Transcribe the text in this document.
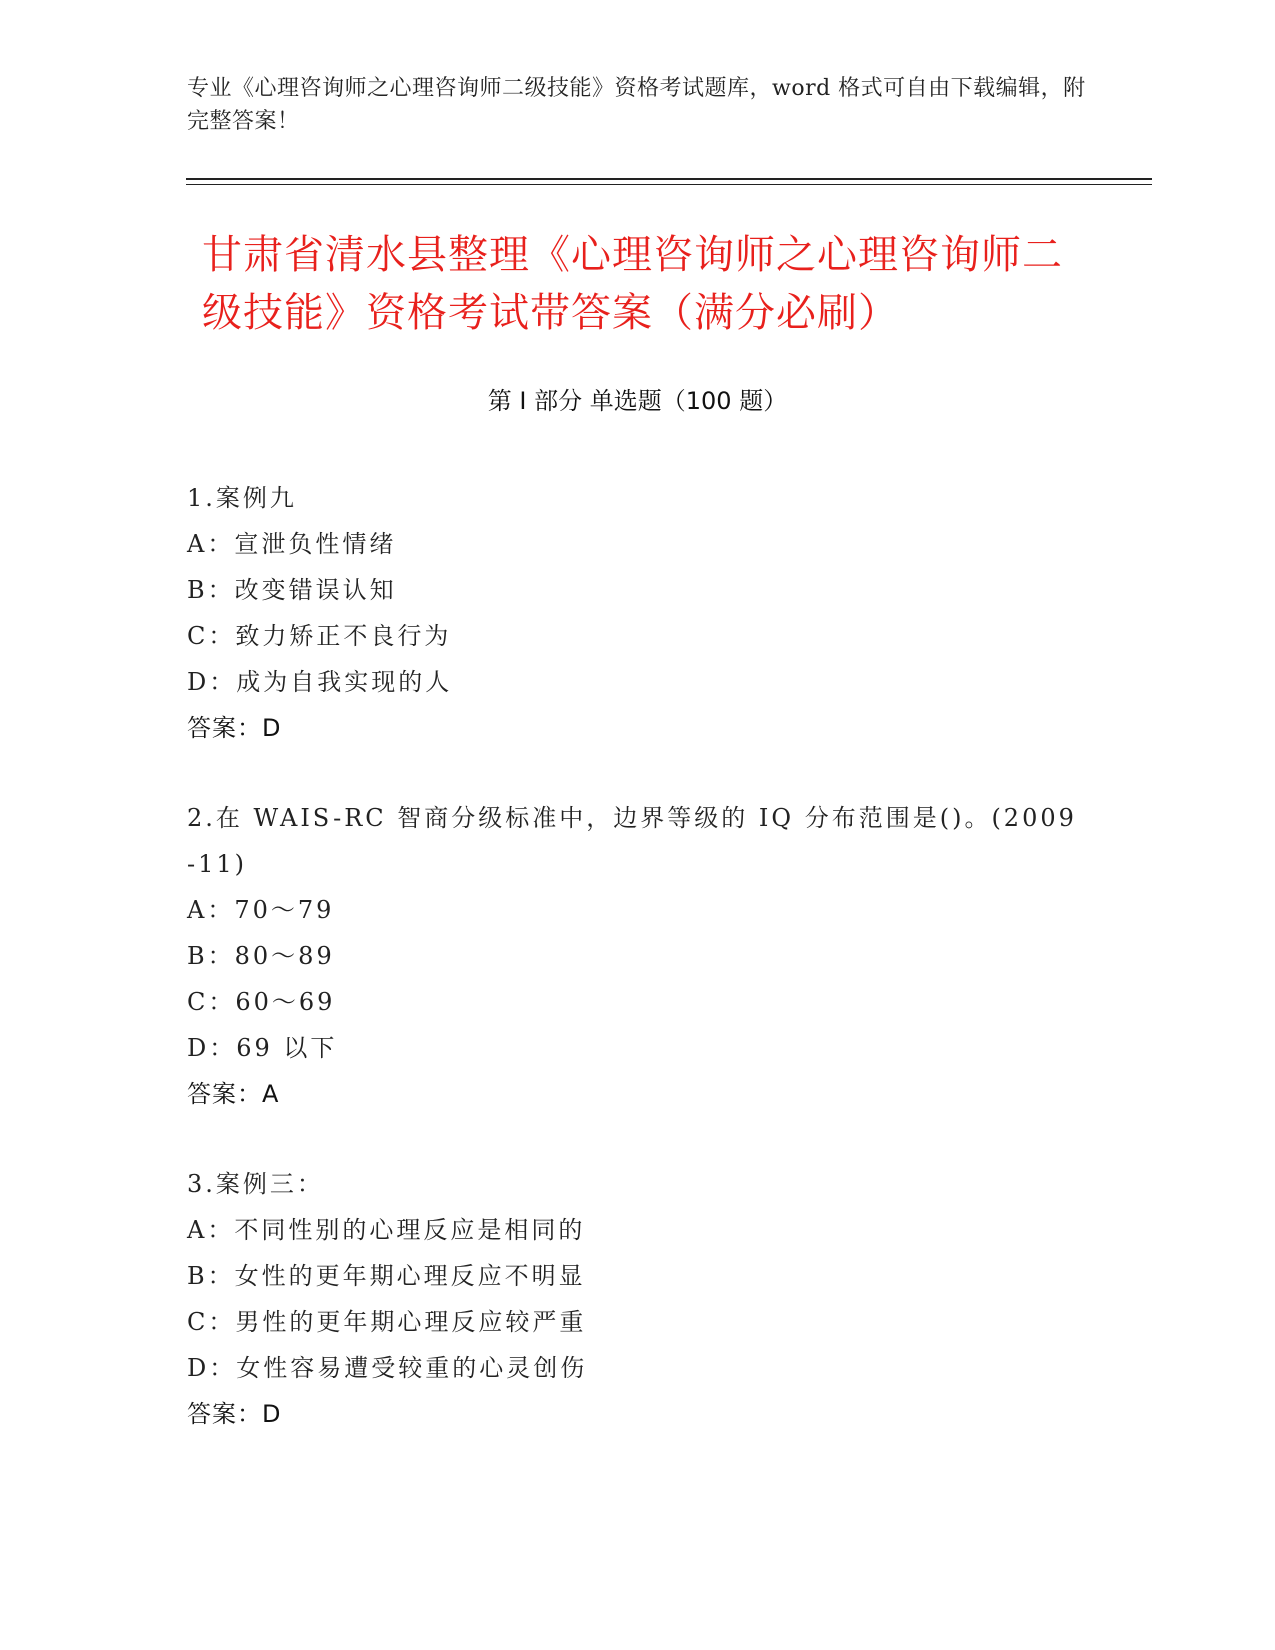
专业《心理咨询师之心理咨询师二级技能》资格考试题库，word 格式可自由下载编辑，附完整答案！
甘肃省清水县整理《心理咨询师之心理咨询师二级技能》资格考试带答案（满分必刷）
第 I 部分 单选题（100 题）

1.案例九

A：宣泄负性情绪

B：改变错误认知

C：致力矫正不良行为

D：成为自我实现的人

答案：D

2.在 WAIS-RC 智商分级标准中，边界等级的 IQ 分布范围是()。(2009-11)

A：70～79

B：80～89

C：60～69

D：69 以下

答案：A

3.案例三：

A：不同性别的心理反应是相同的

B：女性的更年期心理反应不明显

C：男性的更年期心理反应较严重

D：女性容易遭受较重的心灵创伤

答案：D
